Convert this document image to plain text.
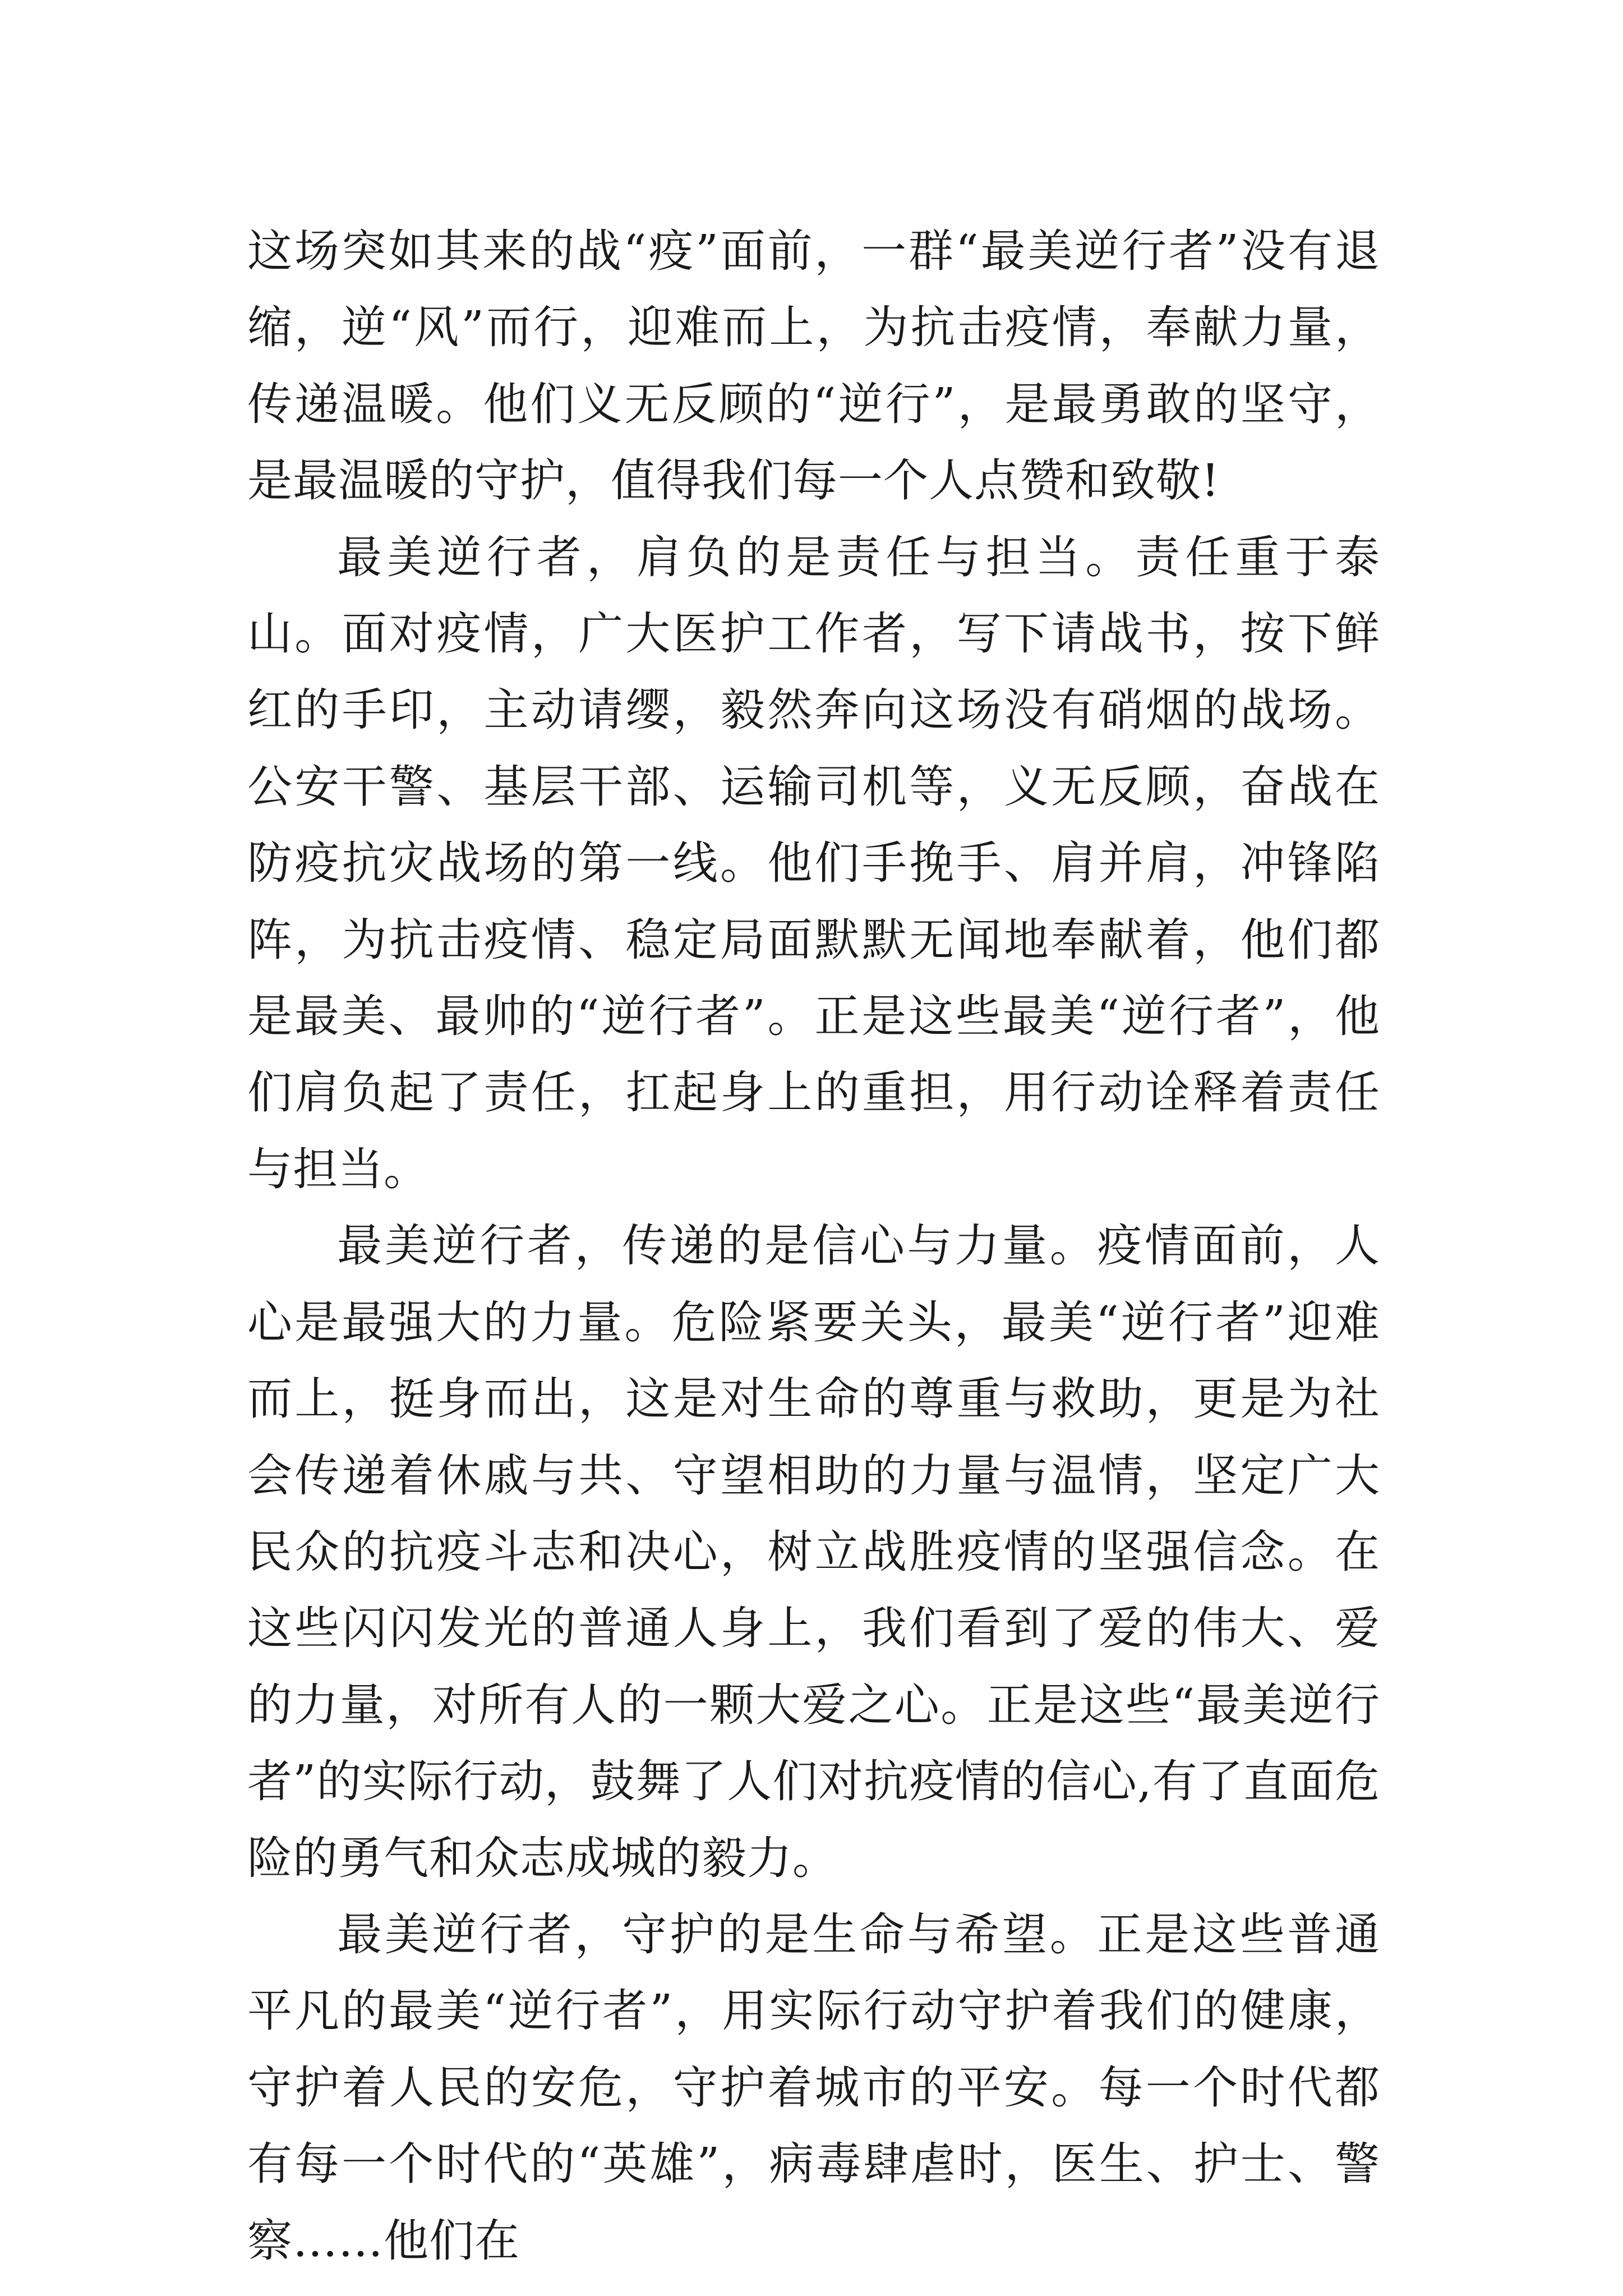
这场突如其来的战“疫”面前，一群“最美逆行者”没有退缩，逆“风”而行，迎难而上，为抗击疫情，奉献力量，传递温暖。他们义无反顾的“逆行”，是最勇敢的坚守，是最温暖的守护，值得我们每一个人点赞和致敬!

最美逆行者，肩负的是责任与担当。责任重于泰山。面对疫情，广大医护工作者，写下请战书，按下鲜红的手印，主动请缨，毅然奔向这场没有硝烟的战场。公安干警、基层干部、运输司机等，义无反顾，奋战在防疫抗灾战场的第一线。他们手挽手、肩并肩，冲锋陷阵，为抗击疫情、稳定局面默默无闻地奉献着，他们都是最美、最帅的“逆行者”。正是这些最美“逆行者”，他们肩负起了责任，扛起身上的重担，用行动诠释着责任与担当。

最美逆行者，传递的是信心与力量。疫情面前，人心是最强大的力量。危险紧要关头，最美“逆行者”迎难而上，挺身而出，这是对生命的尊重与救助，更是为社会传递着休戚与共、守望相助的力量与温情，坚定广大民众的抗疫斗志和决心，树立战胜疫情的坚强信念。在这些闪闪发光的普通人身上，我们看到了爱的伟大、爱的力量，对所有人的一颗大爱之心。正是这些“最美逆行者”的实际行动，鼓舞了人们对抗疫情的信心,有了直面危险的勇气和众志成城的毅力。

最美逆行者，守护的是生命与希望。正是这些普通平凡的最美“逆行者”，用实际行动守护着我们的健康，守护着人民的安危，守护着城市的平安。每一个时代都有每一个时代的“英雄”，病毒肆虐时，医生、护士、警察……他们在
